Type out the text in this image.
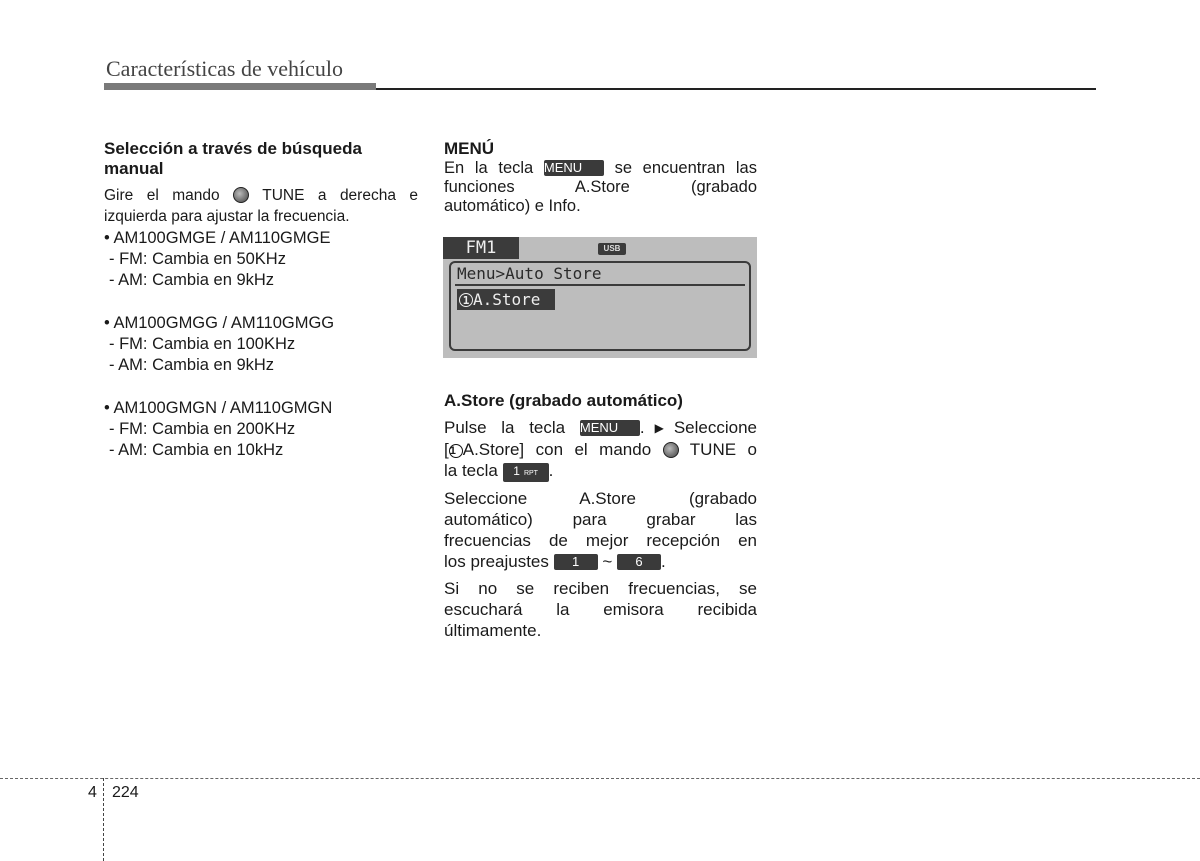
Características de vehículo

Selección a través de búsqueda manual

Gire el mando	TUNE a derecha e
izquierda para ajustar la frecuencia.

• AM100GMGE / AM110GMGE

- FM: Cambia en 50KHz

- AM: Cambia en 9kHz

• AM100GMGG / AM110GMGG

- FM: Cambia en 100KHz

- AM: Cambia en 9kHz

• AM100GMGN / AM110GMGN

- FM: Cambia en 200KHz

- AM: Cambia en 10kHz

MENÚ

En la tecla MENU se encuentran las
funciones A.Store (grabado
automático) e Info.

FM1	USB
Menu>Auto Store
1 A.Store

A.Store (grabado automático)

Pulse la tecla MENU .▶Seleccione
[1 A.Store] con el mando TUNE o
la tecla 1 RPT .

Seleccione A.Store (grabado
automático) para grabar las
frecuencias de mejor recepción en
los preajustes 1 ~ 6 .

Si no se reciben frecuencias, se
escuchará la emisora recibida
últimamente.

4 224
